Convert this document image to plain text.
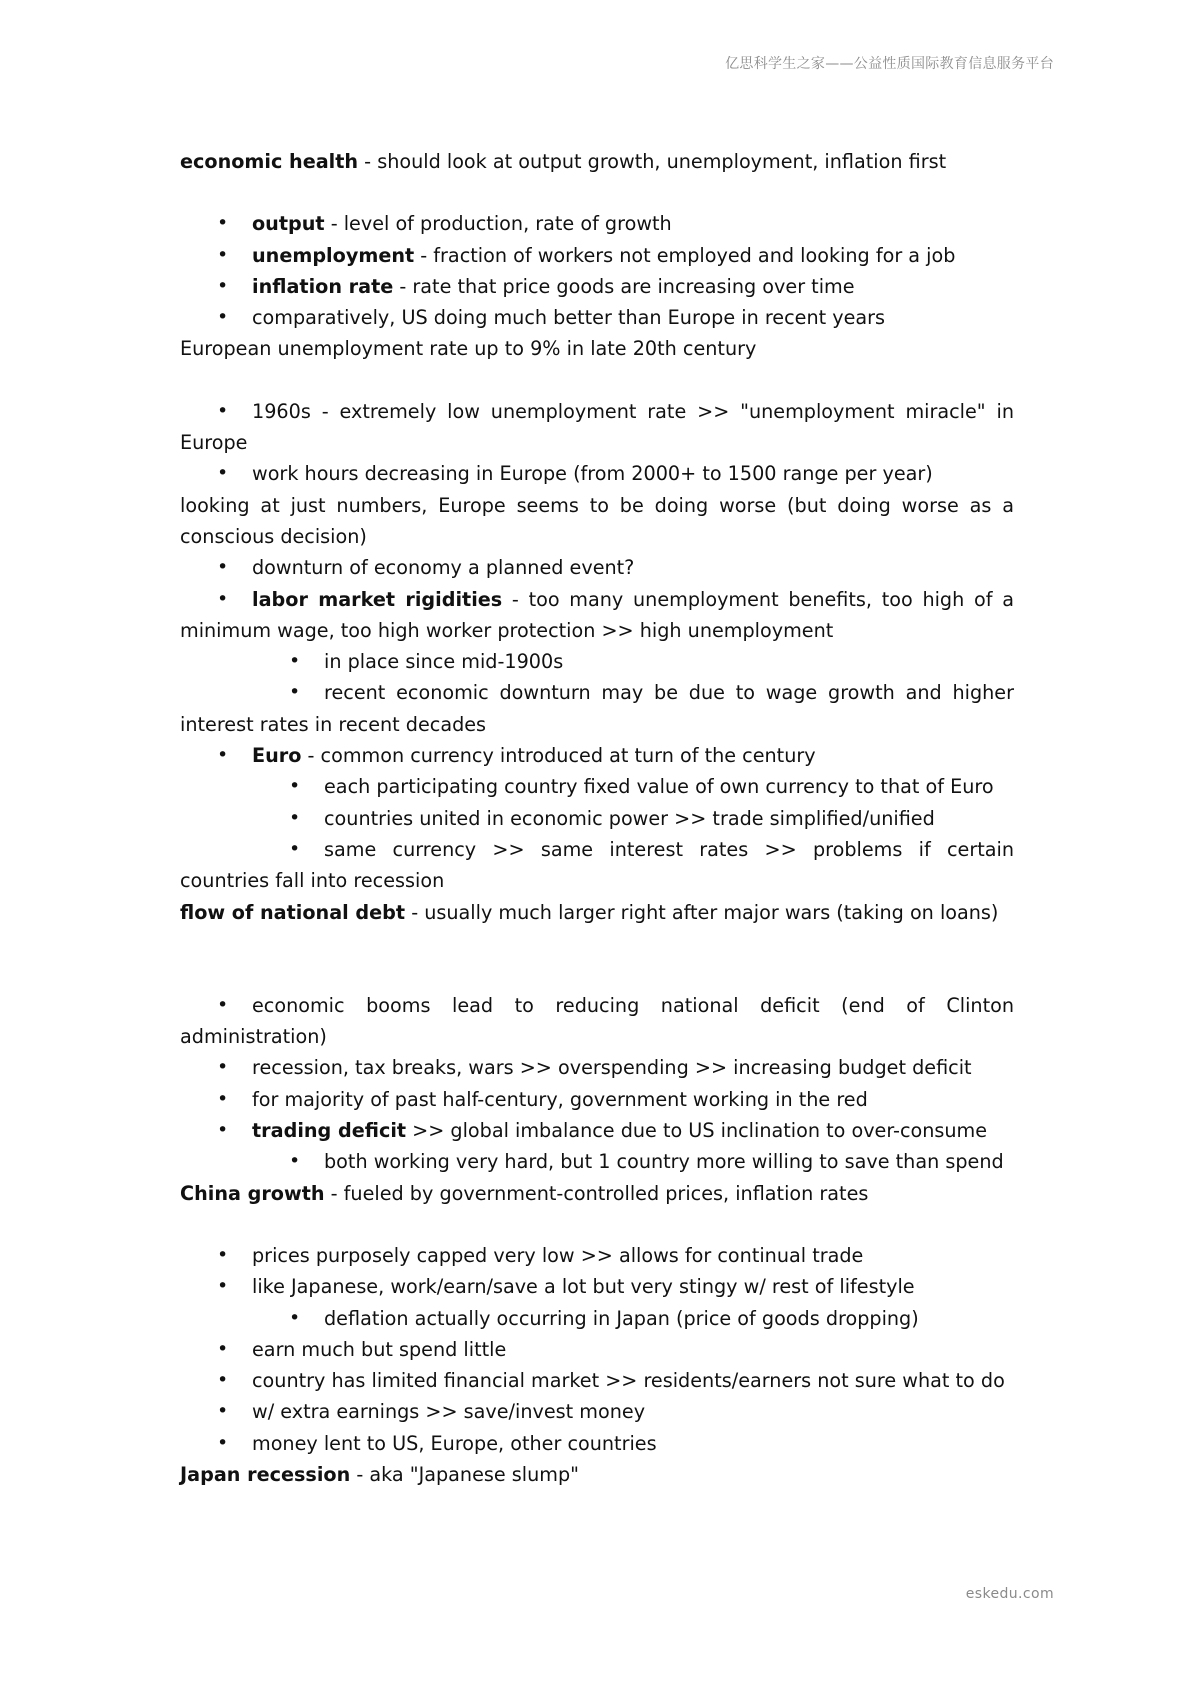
亿思科学生之家——公益性质国际教育信息服务平台

economic health - should look at output growth, unemployment, inflation first

• output - level of production, rate of growth

• unemployment - fraction of workers not employed and looking for a job

• inflation rate - rate that price goods are increasing over time

• comparatively, US doing much better than Europe in recent years

European unemployment rate up to 9% in late 20th century

• 1960s - extremely low unemployment rate >> "unemployment miracle" in Europe

• work hours decreasing in Europe (from 2000+ to 1500 range per year)

looking at just numbers, Europe seems to be doing worse (but doing worse as a conscious decision)

• downturn of economy a planned event?

• labor market rigidities - too many unemployment benefits, too high of a minimum wage, too high worker protection >> high unemployment

• in place since mid-1900s

• recent economic downturn may be due to wage growth and higher interest rates in recent decades

• Euro - common currency introduced at turn of the century

• each participating country fixed value of own currency to that of Euro

• countries united in economic power >> trade simplified/unified

• same currency >> same interest rates >> problems if certain countries fall into recession

flow of national debt - usually much larger right after major wars (taking on loans)

• economic booms lead to reducing national deficit (end of Clinton administration)

• recession, tax breaks, wars >> overspending >> increasing budget deficit

• for majority of past half-century, government working in the red

• trading deficit >> global imbalance due to US inclination to over-consume

• both working very hard, but 1 country more willing to save than spend

China growth - fueled by government-controlled prices, inflation rates

• prices purposely capped very low >> allows for continual trade

• like Japanese, work/earn/save a lot but very stingy w/ rest of lifestyle

• deflation actually occurring in Japan (price of goods dropping)

• earn much but spend little

• country has limited financial market >> residents/earners not sure what to do

• w/ extra earnings >> save/invest money

• money lent to US, Europe, other countries

Japan recession - aka "Japanese slump"

eskedu.com
